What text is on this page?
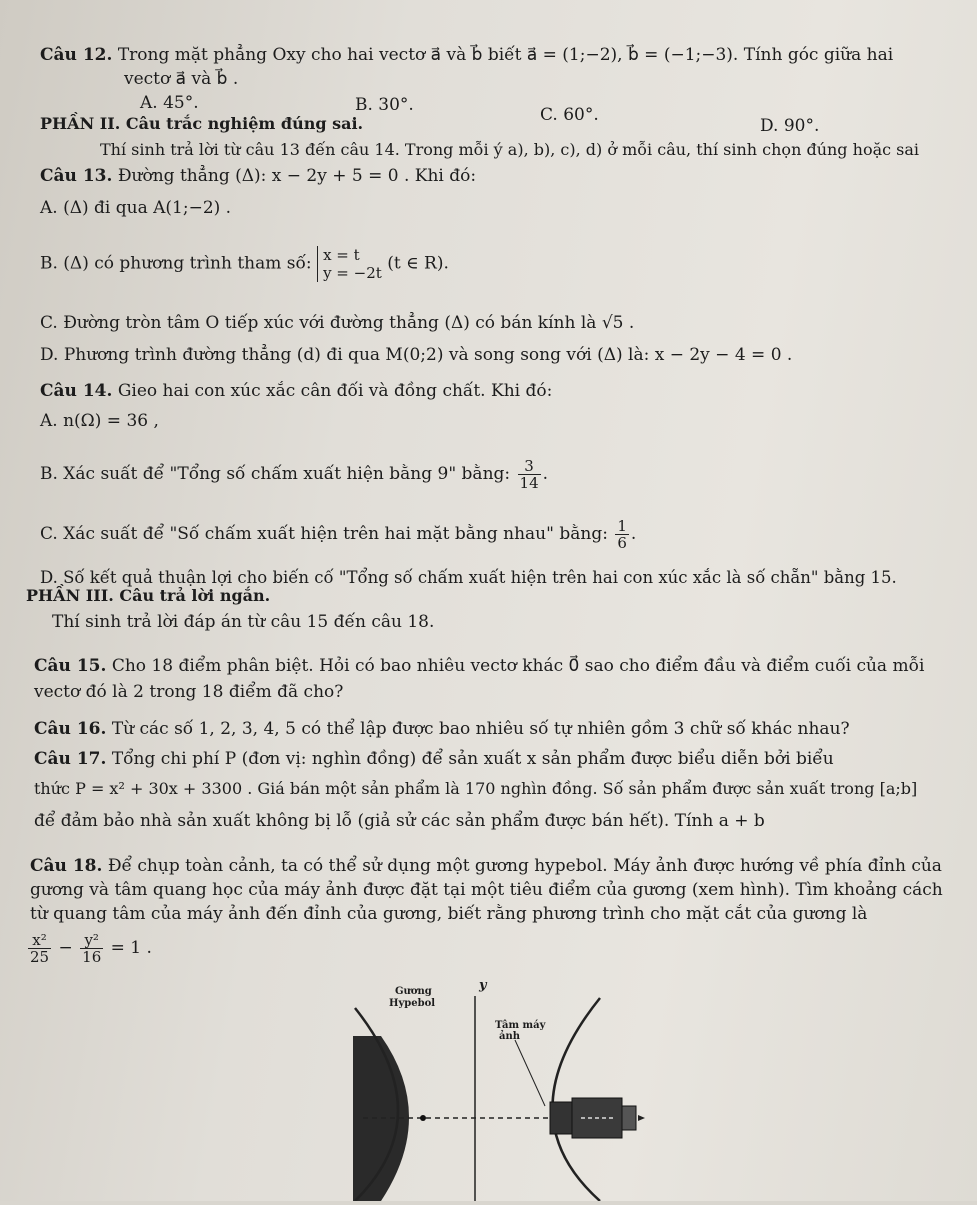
Câu 12. Trong mặt phẳng Oxy cho hai vectơ a⃗ và b⃗ biết a⃗ = (1;−2), b⃗ = (−1;−3). Tính góc giữa hai
vectơ a⃗ và b⃗ .
A. 45°.	B. 30°.	C. 60°.
D. 90°.
PHẦN II. Câu trắc nghiệm đúng sai.
Thí sinh trả lời từ câu 13 đến câu 14. Trong mỗi ý a), b), c), d) ở mỗi câu, thí sinh chọn đúng hoặc sai
Câu 13. Đường thẳng (Δ): x − 2y + 5 = 0 . Khi đó:
A. (Δ) đi qua A(1;−2) .
B. (Δ) có phương trình tham số: x = t
y = −2t (t ∈ R).
C. Đường tròn tâm O tiếp xúc với đường thẳng (Δ) có bán kính là √5 .
D. Phương trình đường thẳng (d) đi qua M(0;2) và song song với (Δ) là: x − 2y − 4 = 0 .
Câu 14. Gieo hai con xúc xắc cân đối và đồng chất. Khi đó:
A. n(Ω) = 36 ,
B. Xác suất để "Tổng số chấm xuất hiện bằng 9" bằng: $\frac{3}{14}$ .
C. Xác suất để "Số chấm xuất hiện trên hai mặt bằng nhau" bằng: $\frac{1}{6}$ .
D. Số kết quả thuận lợi cho biến cố "Tổng số chấm xuất hiện trên hai con xúc xắc là số chẵn" bằng 15.
PHẦN III. Câu trả lời ngắn.
Thí sinh trả lời đáp án từ câu 15 đến câu 18.
Câu 15. Cho 18 điểm phân biệt. Hỏi có bao nhiêu vectơ khác 0⃗ sao cho điểm đầu và điểm cuối của mỗi
vectơ đó là 2 trong 18 điểm đã cho?
Câu 16. Từ các số 1, 2, 3, 4, 5 có thể lập được bao nhiêu số tự nhiên gồm 3 chữ số khác nhau?
Câu 17. Tổng chi phí P (đơn vị: nghìn đồng) để sản xuất x sản phẩm được biểu diễn bởi biểu
thức P = x² + 30x + 3300 . Giá bán một sản phẩm là 170 nghìn đồng. Số sản phẩm được sản xuất trong [a;b]
để đảm bảo nhà sản xuất không bị lỗ (giả sử các sản phẩm được bán hết). Tính a + b
Câu 18. Để chụp toàn cảnh, ta có thể sử dụng một gương hypebol. Máy ảnh được hướng về phía đỉnh của
gương và tâm quang học của máy ảnh được đặt tại một tiêu điểm của gương (xem hình). Tìm khoảng cách
từ quang tâm của máy ảnh đến đỉnh của gương, biết rằng phương trình cho mặt cắt của gương là
$\frac{\text{x²}}{25} - \frac{\text{y²}}{16} = 1$ .
Gương
Hypebol
y
Tâm máy
ảnh
